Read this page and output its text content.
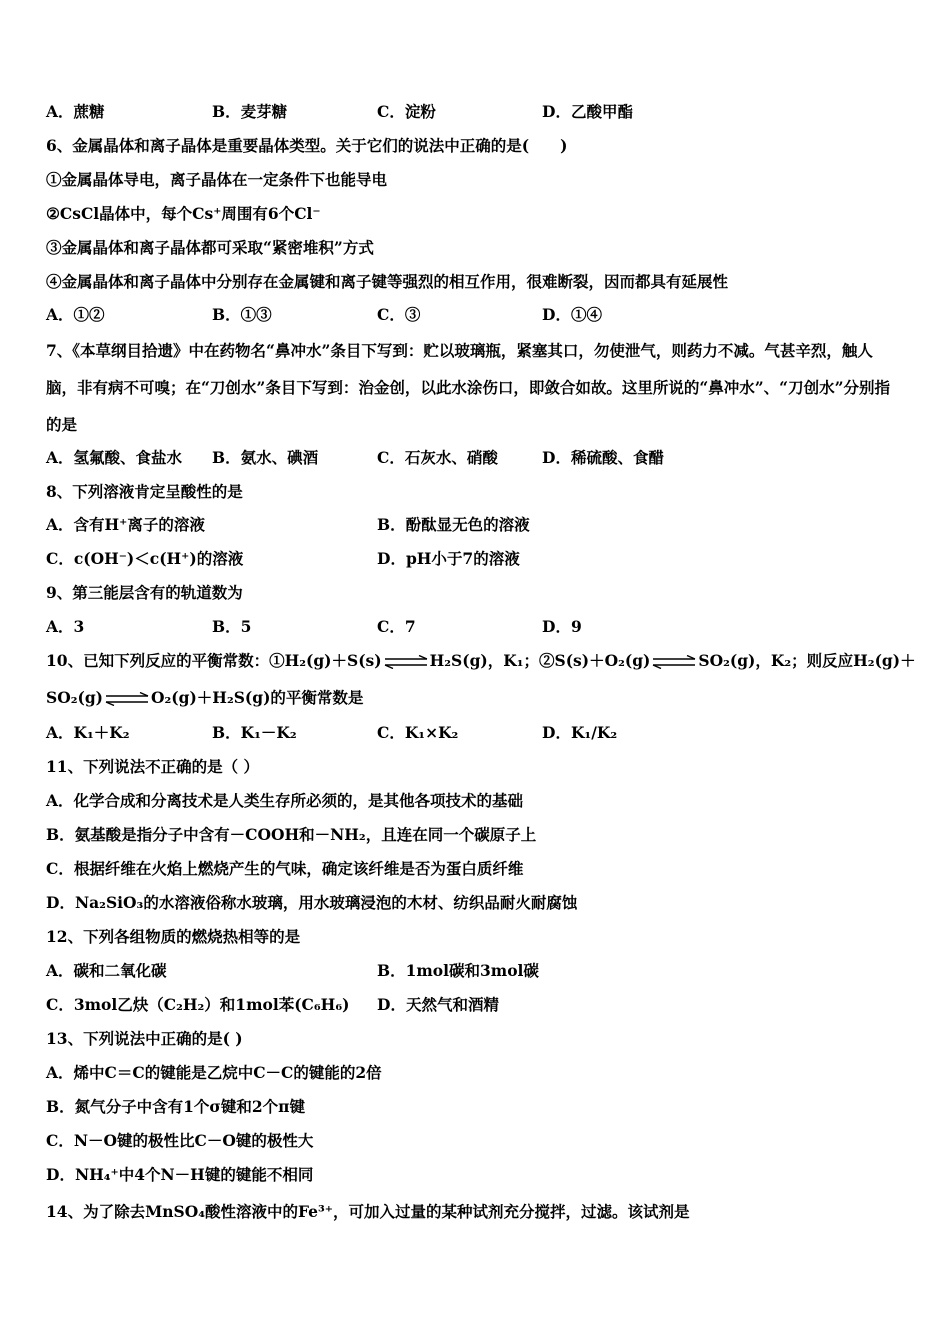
A．蔗糖	B．麦芽糖	C．淀粉	D．乙酸甲酯
6、金属晶体和离子晶体是重要晶体类型。关于它们的说法中正确的是(　　)
①金属晶体导电，离子晶体在一定条件下也能导电
②CsCl晶体中，每个Cs⁺周围有6个Cl⁻
③金属晶体和离子晶体都可采取“紧密堆积”方式
④金属晶体和离子晶体中分别存在金属键和离子键等强烈的相互作用，很难断裂，因而都具有延展性
A．①②	B．①③	C．③	D．①④
7、《本草纲目拾遗》中在药物名“鼻冲水”条目下写到：贮以玻璃瓶，紧塞其口，勿使泄气，则药力不减。气甚辛烈，触人脑，非有病不可嗅；在“刀创水”条目下写到：治金创，以此水涂伤口，即敛合如故。这里所说的“鼻冲水”、“刀创水”分别指的是
A．氢氟酸、食盐水 B．氨水、碘酒	C．石灰水、硝酸	D．稀硫酸、食醋
8、下列溶液肯定呈酸性的是
A．含有H⁺离子的溶液	B．酚酞显无色的溶液
C．c(OH⁻)＜c(H⁺)的溶液	D．pH小于7的溶液
9、第三能层含有的轨道数为
A．3	B．5	C．7	D．9
10、已知下列反应的平衡常数：①H₂(g)＋S(s)⇌H₂S(g)，K₁；②S(s)＋O₂(g)⇌SO₂(g)，K₂；则反应H₂(g)＋
SO₂(g)⇌O₂(g)＋H₂S(g)的平衡常数是
A．K₁＋K₂	B．K₁－K₂	C．K₁×K₂	D．K₁/K₂
11、下列说法不正确的是（ ）
A．化学合成和分离技术是人类生存所必须的，是其他各项技术的基础
B．氨基酸是指分子中含有－COOH和－NH₂，且连在同一个碳原子上
C．根据纤维在火焰上燃烧产生的气味，确定该纤维是否为蛋白质纤维
D．Na₂SiO₃的水溶液俗称水玻璃，用水玻璃浸泡的木材、纺织品耐火耐腐蚀
12、下列各组物质的燃烧热相等的是
A．碳和二氧化碳	B．1mol碳和3mol碳
C．3mol乙炔（C₂H₂）和1mol苯(C₆H₆) D．天然气和酒精
13、下列说法中正确的是( )
A．烯中C＝C的键能是乙烷中C－C的键能的2倍
B．氮气分子中含有1个σ键和2个π键
C．N－O键的极性比C－O键的极性大
D．NH₄⁺中4个N－H键的键能不相同
14、为了除去MnSO₄酸性溶液中的Fe³⁺，可加入过量的某种试剂充分搅拌，过滤。该试剂是
